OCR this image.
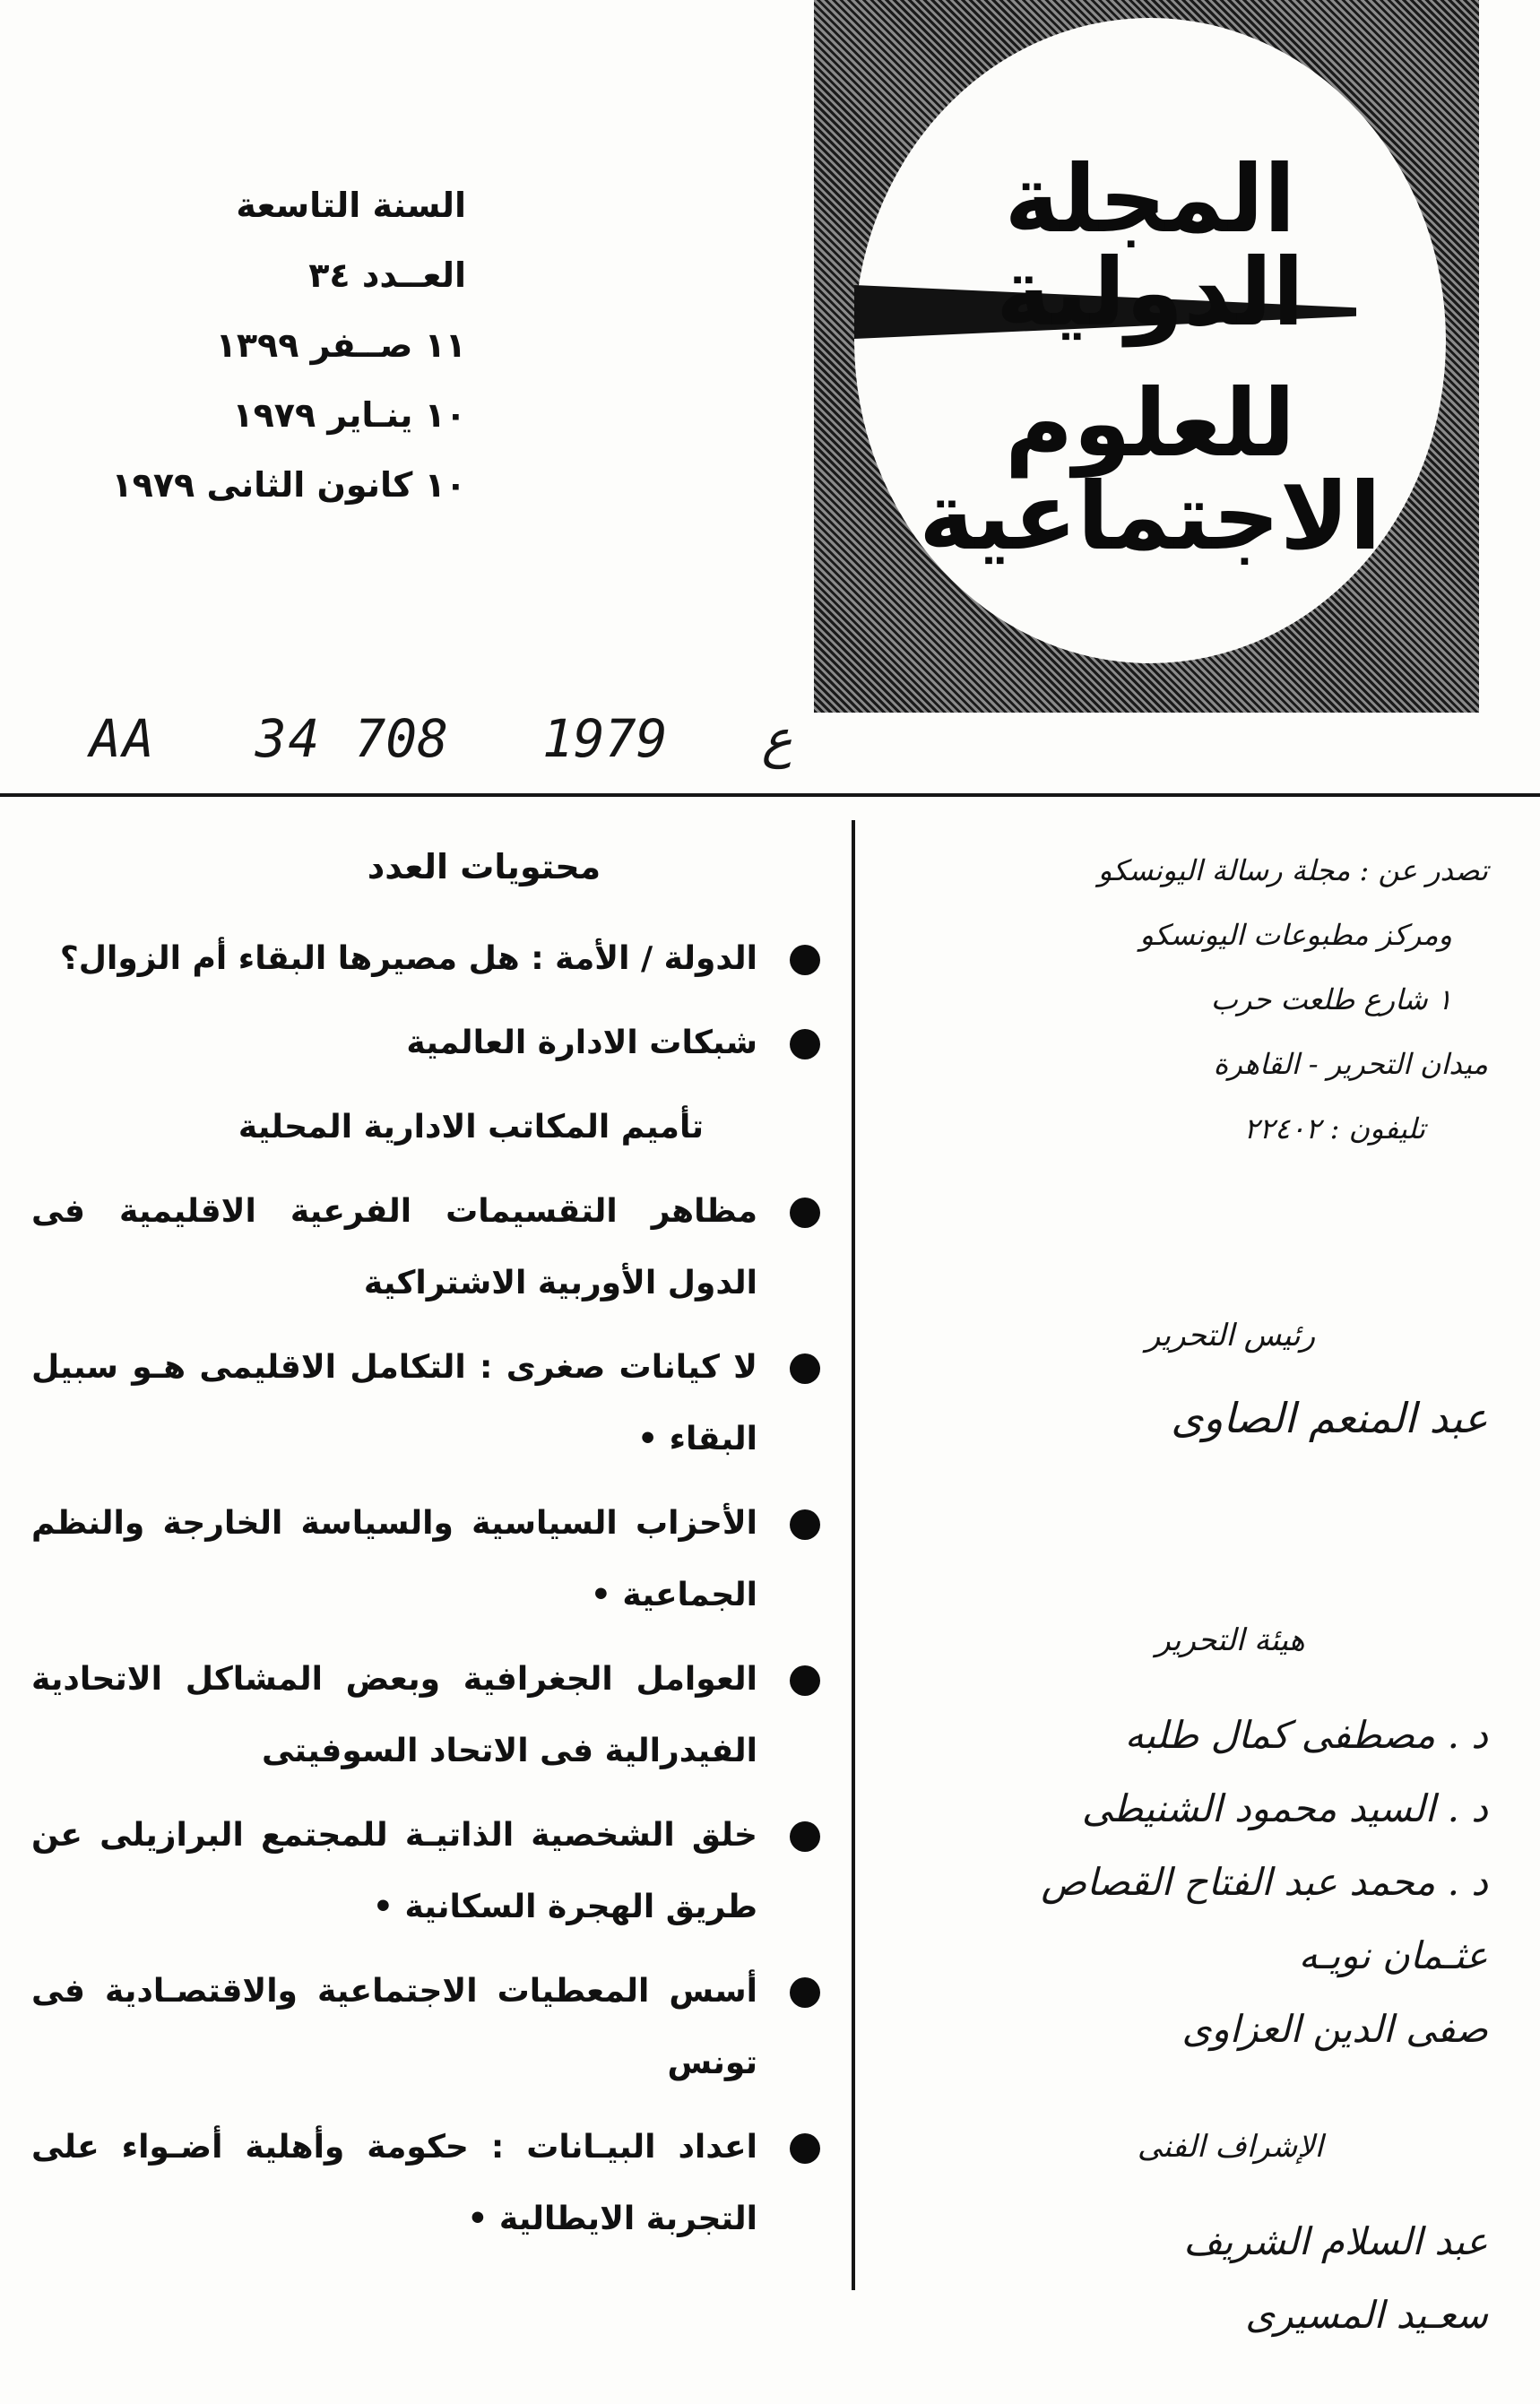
المجلة الدولية
للعلوم الاجتماعية
السنة التاسعة
العــدد ٣٤
١١ صــفر ١٣٩٩
١٠ ينـاير ١٩٧٩
١٠ كانون الثانى ١٩٧٩
AA   34 ع   1979   708
محتويات العدد
الدولة / الأمة : هل مصيرها البقاء أم الزوال؟
شبكات الادارة العالمية
تأميم المكاتب الادارية المحلية
مظاهر التقسيمات الفرعية الاقليمية فى الدول الأوربية الاشتراكية
لا كيانات صغرى : التكامل الاقليمى هـو سبيل البقاء •
الأحزاب السياسية والسياسة الخارجة والنظم الجماعية •
العوامل الجغرافية وبعض المشاكل الاتحادية الفيدرالية فى الاتحاد السوفيتى
خلق الشخصية الذاتيـة للمجتمع البرازيلى عن طريق الهجرة السكانية •
أسس المعطيات الاجتماعية والاقتصـادية فى تونس
اعداد البيـانات : حكومة وأهلية أضـواء على التجربة الايطالية •
تصدر عن : مجلة رسالة اليونسكو
ومركز مطبوعات اليونسكو
١ شارع طلعت حرب
ميدان التحرير - القاهرة
تليفون : ٢٢٤٠٢
رئيس التحرير
عبد المنعم الصاوى
هيئة التحرير
د . مصطفى كمال طلبه
د . السيد محمود الشنيطى
د . محمد عبد الفتاح القصاص
عثـمان نويـه
صفى الدين العزاوى
الإشراف الفنى
عبد السلام الشريف
سعـيد المسيرى
